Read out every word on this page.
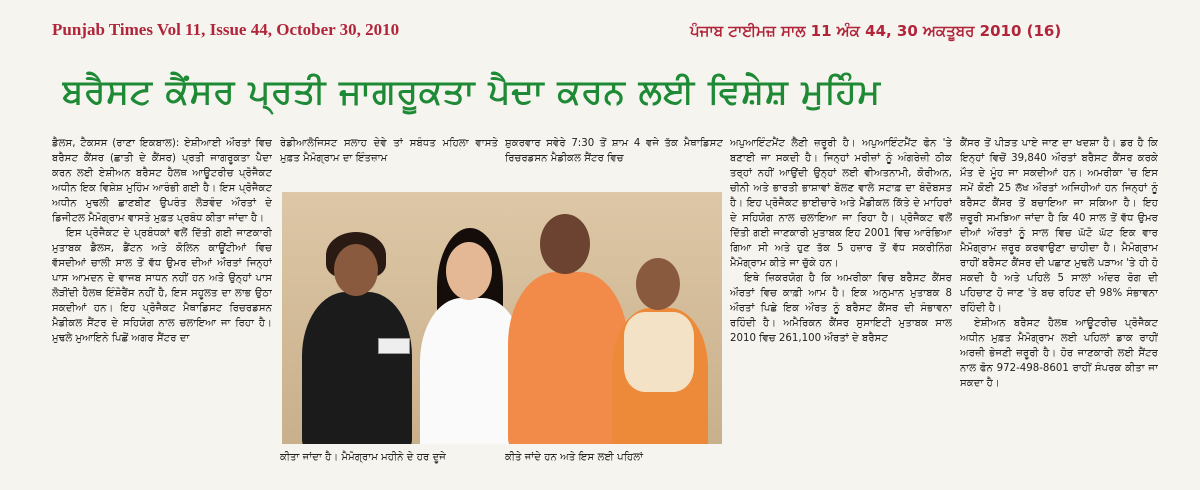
Punjab Times Vol 11, Issue 44, October 30, 2010	ਪੰਜਾਬ ਟਾਈਮਜ਼ ਸਾਲ 11 ਅੰਕ 44, 30 ਅਕਤੂਬਰ 2010 (16)
ਬਰੈਸਟ ਕੈਂਸਰ ਪ੍ਰਤੀ ਜਾਗਰੂਕਤਾ ਪੈਦਾ ਕਰਨ ਲਈ ਵਿਸ਼ੇਸ਼ ਮੁਹਿੰਮ

ਡੈਲਸ, ਟੈਕਸਸ (ਰਾਣਾ ਇਕਬਾਲ): ਏਸ਼ੀਆਈ ਔਰਤਾਂ ਵਿਚ ਬਰੈਸਟ ਕੈਂਸਰ (ਛਾਤੀ ਦੇ ਕੈਂਸਰ) ਪ੍ਰਤੀ ਜਾਗਰੂਕਤਾ ਪੈਦਾ ਕਰਨ ਲਈ ਏਸ਼ੀਅਨ ਬਰੈਸਟ ਹੈਲਥ ਆਊਟਰੀਚ ਪ੍ਰੋਜੈਕਟ ਅਧੀਨ ਇਕ ਵਿਸ਼ੇਸ਼ ਮੁਹਿੰਮ ਆਰੰਭੀ ਗਈ ਹੈ। ਇਸ ਪ੍ਰੋਜੈਕਟ ਅਧੀਨ ਮੁਢਲੀ ਛਾਣਬੀਣ ਉਪਰੰਤ ਲੋੜਵੰਦ ਔਰਤਾਂ ਦੇ ਡਿਜੀਟਲ ਮੈਮੋਗ੍ਰਾਮ ਵਾਸਤੇ ਮੁਫ਼ਤ ਪ੍ਰਬੰਧ ਕੀਤਾ ਜਾਂਦਾ ਹੈ।

ਇਸ ਪ੍ਰੋਜੈਕਟ ਦੇ ਪ੍ਰਬੰਧਕਾਂ ਵਲੋਂ ਦਿੱਤੀ ਗਈ ਜਾਣਕਾਰੀ ਮੁਤਾਬਕ ਡੈਲਸ, ਡੈਂਟਨ ਅਤੇ ਕੋਲਿਨ ਕਾਊਂਟੀਆਂ ਵਿਚ ਵੱਸਦੀਆਂ ਚਾਲੀ ਸਾਲ ਤੋਂ ਵੱਧ ਉਮਰ ਦੀਆਂ ਔਰਤਾਂ ਜਿਨ੍ਹਾਂ ਪਾਸ ਆਮਦਨ ਦੇ ਵਾਜਬ ਸਾਧਨ ਨਹੀਂ ਹਨ ਅਤੇ ਉਨ੍ਹਾਂ ਪਾਸ ਲੋੜੀਂਦੀ ਹੈਲਥ ਇੰਸ਼ੋਰੈਂਸ ਨਹੀਂ ਹੈ, ਇਸ ਸਹੂਲਤ ਦਾ ਲਾਭ ਉਠਾ ਸਕਦੀਆਂ ਹਨ। ਇਹ ਪ੍ਰੋਜੈਕਟ ਮੈਥਾਡਿਸਟ ਰਿਚਰਡਸਨ ਮੈਡੀਕਲ ਸੈਂਟਰ ਦੇ ਸਹਿਯੋਗ ਨਾਲ ਚਲਾਇਆ ਜਾ ਰਿਹਾ ਹੈ। ਮੁਢਲੇ ਮੁਆਇਨੇ ਪਿਛੋਂ ਅਗਰ ਸੈਂਟਰ ਦਾ

ਰੇਡੀਆਲੋਜਿਸਟ ਸਲਾਹ ਦੇਵੇ ਤਾਂ ਸਬੰਧਤ ਮਹਿਲਾ ਵਾਸਤੇ ਮੁਫ਼ਤ ਮੈਮੋਗ੍ਰਾਮ ਦਾ ਇੰਤਜ਼ਾਮ

ਸ਼ੁਕਰਵਾਰ ਸਵੇਰੇ 7:30 ਤੋਂ ਸ਼ਾਮ 4 ਵਜੇ ਤੱਕ ਮੈਥਾਡਿਸਟ ਰਿਚਰਡਸਨ ਮੈਡੀਕਲ ਸੈਂਟਰ ਵਿਚ

ਕੀਤਾ ਜਾਂਦਾ ਹੈ। ਮੈਮੋਗ੍ਰਾਮ ਮਹੀਨੇ ਦੇ ਹਰ ਦੂਜੇ	ਕੀਤੇ ਜਾਂਦੇ ਹਨ ਅਤੇ ਇਸ ਲਈ ਪਹਿਲਾਂ

ਅਪੁਆਇੰਟਮੈਂਟ ਲੈਣੀ ਜ਼ਰੂਰੀ ਹੈ। ਅਪੁਆਇੰਟਮੈਂਟ ਫੋਨ 'ਤੇ ਬਣਾਈ ਜਾ ਸਕਦੀ ਹੈ। ਜਿਨ੍ਹਾਂ ਮਰੀਜ਼ਾਂ ਨੂੰ ਅੰਗਰੇਜ਼ੀ ਠੀਕ ਤਰ੍ਹਾਂ ਨਹੀਂ ਆਉਂਦੀ ਉਨ੍ਹਾਂ ਲਈ ਵੀਅਤਨਾਮੀ, ਕੋਰੀਅਨ, ਚੀਨੀ ਅਤੇ ਭਾਰਤੀ ਭਾਸ਼ਾਵਾਂ ਬੋਲਣ ਵਾਲੇ ਸਟਾਫ਼ ਦਾ ਬੰਦੋਬਸਤ ਹੈ। ਇਹ ਪ੍ਰੋਜੈਕਟ ਭਾਈਚਾਰੇ ਅਤੇ ਮੈਡੀਕਲ ਕਿੱਤੇ ਦੇ ਮਾਹਿਰਾਂ ਦੇ ਸਹਿਯੋਗ ਨਾਲ ਚਲਾਇਆ ਜਾ ਰਿਹਾ ਹੈ। ਪ੍ਰੋਜੈਕਟ ਵਲੋਂ ਦਿੱਤੀ ਗਈ ਜਾਣਕਾਰੀ ਮੁਤਾਬਕ ਇਹ 2001 ਵਿਚ ਆਰੰਭਿਆ ਗਿਆ ਸੀ ਅਤੇ ਹੁਣ ਤੱਕ 5 ਹਜ਼ਾਰ ਤੋਂ ਵੱਧ ਸਕਰੀਨਿੰਗ ਮੈਮੋਗ੍ਰਾਮ ਕੀਤੇ ਜਾ ਚੁੱਕੇ ਹਨ।

ਇਥੇ ਜ਼ਿਕਰਯੋਗ ਹੈ ਕਿ ਅਮਰੀਕਾ ਵਿਚ ਬਰੈਸਟ ਕੈਂਸਰ ਔਰਤਾਂ ਵਿਚ ਕਾਫ਼ੀ ਆਮ ਹੈ। ਇਕ ਅਨੁਮਾਨ ਮੁਤਾਬਕ 8 ਔਰਤਾਂ ਪਿਛੇ ਇਕ ਔਰਤ ਨੂੰ ਬਰੈਸਟ ਕੈਂਸਰ ਦੀ ਸੰਭਾਵਨਾ ਰਹਿੰਦੀ ਹੈ। ਅਮੈਰਿਕਨ ਕੈਂਸਰ ਸੁਸਾਇਟੀ ਮੁਤਾਬਕ ਸਾਲ 2010 ਵਿਚ 261,100 ਔਰਤਾਂ ਦੇ ਬਰੈਸਟ

ਕੈਂਸਰ ਤੋਂ ਪੀੜਤ ਪਾਏ ਜਾਣ ਦਾ ਖਦਸ਼ਾ ਹੈ। ਡਰ ਹੈ ਕਿ ਇਨ੍ਹਾਂ ਵਿਚੋਂ 39,840 ਔਰਤਾਂ ਬਰੈਸਟ ਕੈਂਸਰ ਕਰਕੇ ਮੌਤ ਦੇ ਮੂੰਹ ਜਾ ਸਕਦੀਆਂ ਹਨ। ਅਮਰੀਕਾ 'ਚ ਇਸ ਸਮੇਂ ਕੋਈ 25 ਲੱਖ ਔਰਤਾਂ ਅਜਿਹੀਆਂ ਹਨ ਜਿਨ੍ਹਾਂ ਨੂੰ ਬਰੈਸਟ ਕੈਂਸਰ ਤੋਂ ਬਚਾਇਆ ਜਾ ਸਕਿਆ ਹੈ। ਇਹ ਜ਼ਰੂਰੀ ਸਮਝਿਆ ਜਾਂਦਾ ਹੈ ਕਿ 40 ਸਾਲ ਤੋਂ ਵੱਧ ਉਮਰ ਦੀਆਂ ਔਰਤਾਂ ਨੂੰ ਸਾਲ ਵਿਚ ਘੱਟੋ ਘੱਟ ਇਕ ਵਾਰ ਮੈਮੋਗ੍ਰਾਮ ਜ਼ਰੂਰ ਕਰਵਾਉਣਾ ਚਾਹੀਦਾ ਹੈ। ਮੈਮੋਗ੍ਰਾਮ ਰਾਹੀਂ ਬਰੈਸਟ ਕੈਂਸਰ ਦੀ ਪਛਾਣ ਮੁਢਲੇ ਪੜਾਅ 'ਤੇ ਹੀ ਹੋ ਸਕਦੀ ਹੈ ਅਤੇ ਪਹਿਲੇ 5 ਸਾਲਾਂ ਅੰਦਰ ਰੋਗ ਦੀ ਪਹਿਚਾਣ ਹੋ ਜਾਣ 'ਤੇ ਬਚ ਰਹਿਣ ਦੀ 98% ਸੰਭਾਵਨਾ ਰਹਿੰਦੀ ਹੈ।

ਏਸ਼ੀਅਨ ਬਰੈਸਟ ਹੈਲਥ ਆਊਟਰੀਚ ਪ੍ਰੋਜੈਕਟ ਅਧੀਨ ਮੁਫ਼ਤ ਮੈਮੋਗ੍ਰਾਮ ਲਈ ਪਹਿਲਾਂ ਡਾਕ ਰਾਹੀਂ ਅਰਜ਼ੀ ਭੇਜਣੀ ਜ਼ਰੂਰੀ ਹੈ। ਹੋਰ ਜਾਣਕਾਰੀ ਲਈ ਸੈਂਟਰ ਨਾਲ ਫੋਨ 972-498-8601 ਰਾਹੀਂ ਸੰਪਰਕ ਕੀਤਾ ਜਾ ਸਕਦਾ ਹੈ।
